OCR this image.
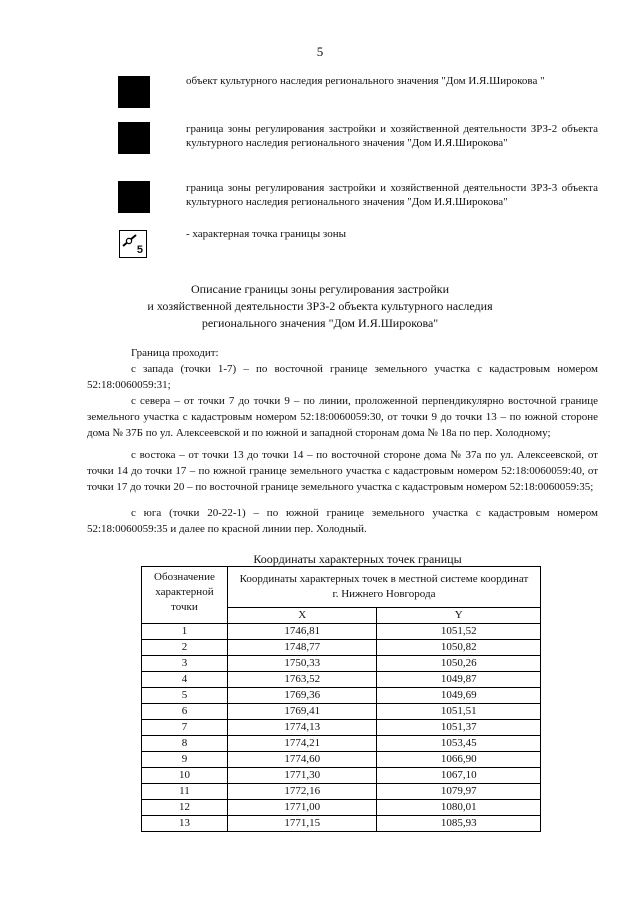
5
объект культурного наследия регионального значения "Дом И.Я.Широкова "
граница зоны регулирования застройки и хозяйственной деятельности ЗРЗ-2 объекта культурного наследия регионального значения "Дом И.Я.Широкова"
граница зоны регулирования застройки и хозяйственной деятельности ЗРЗ-3 объекта культурного наследия регионального значения "Дом И.Я.Широкова"
5
- характерная точка границы зоны
Описание границы зоны регулирования застройки
и хозяйственной деятельности ЗРЗ-2 объекта культурного наследия
регионального значения "Дом И.Я.Широкова"
Граница проходит:
с запада (точки 1-7) – по восточной границе земельного участка с кадастровым номером 52:18:0060059:31;
с севера – от точки 7 до точки 9 – по линии, проложенной перпендикулярно восточной границе земельного участка с кадастровым номером 52:18:0060059:30, от точки 9 до точки 13 – по южной стороне дома № 37Б по ул. Алексеевской и по южной и западной сторонам дома № 18а по пер. Холодному;
с востока – от точки 13 до точки 14 – по восточной стороне дома № 37а по ул. Алексеевской, от точки 14 до точки 17 – по южной границе земельного участка с кадастровым номером 52:18:0060059:40, от точки 17 до точки 20 – по восточной границе земельного участка с кадастровым номером 52:18:0060059:35;
с юга (точки 20-22-1) – по южной границе земельного участка с кадастровым номером 52:18:0060059:35 и далее по красной линии пер. Холодный.
Координаты характерных точек границы
Обозначение характерной точки	Координаты характерных точек в местной системе координат г. Нижнего Новгорода	
	X	Y
1	1746,81	1051,52
2	1748,77	1050,82
3	1750,33	1050,26
4	1763,52	1049,87
5	1769,36	1049,69
6	1769,41	1051,51
7	1774,13	1051,37
8	1774,21	1053,45
9	1774,60	1066,90
10	1771,30	1067,10
11	1772,16	1079,97
12	1771,00	1080,01
13	1771,15	1085,93
